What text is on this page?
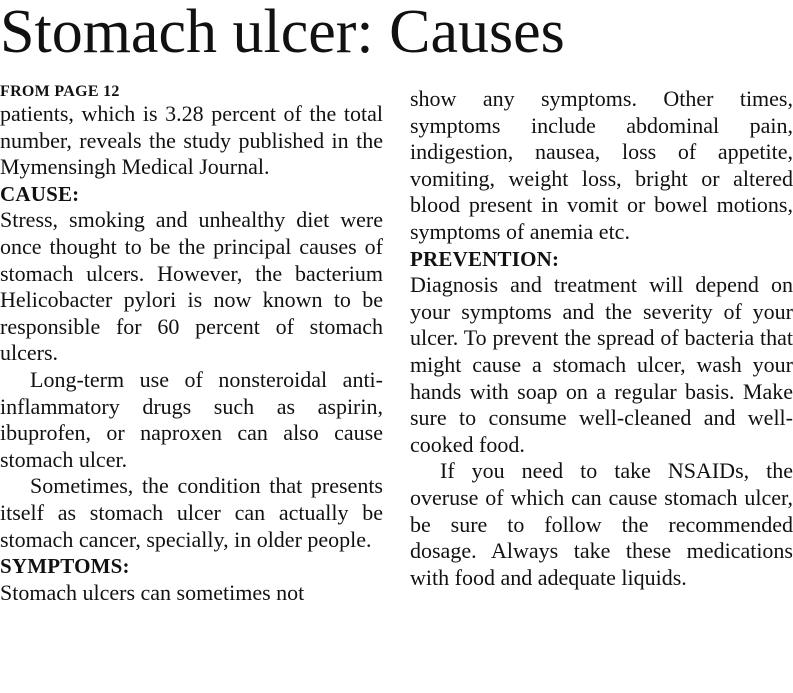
Stomach ulcer: Causes
FROM PAGE 12

patients, which is 3.28 percent of the total number, reveals the study published in the Mymensingh Medical Journal.

CAUSE:

Stress, smoking and unhealthy diet were once thought to be the principal causes of stomach ulcers. However, the bacterium Helicobacter pylori is now known to be responsible for 60 percent of stomach ulcers.

Long-term use of nonsteroidal anti-inflammatory drugs such as aspirin, ibuprofen, or naproxen can also cause stomach ulcer.

Sometimes, the condition that presents itself as stomach ulcer can actually be stomach cancer, specially, in older people.

SYMPTOMS:

Stomach ulcers can sometimes not

show any symptoms. Other times, symptoms include abdominal pain, indigestion, nausea, loss of appetite, vomiting, weight loss, bright or altered blood present in vomit or bowel motions, symptoms of anemia etc.

PREVENTION:

Diagnosis and treatment will depend on your symptoms and the severity of your ulcer. To prevent the spread of bacteria that might cause a stomach ulcer, wash your hands with soap on a regular basis. Make sure to consume well-cleaned and well-cooked food.

If you need to take NSAIDs, the overuse of which can cause stomach ulcer, be sure to follow the recommended dosage. Always take these medications with food and adequate liquids.
